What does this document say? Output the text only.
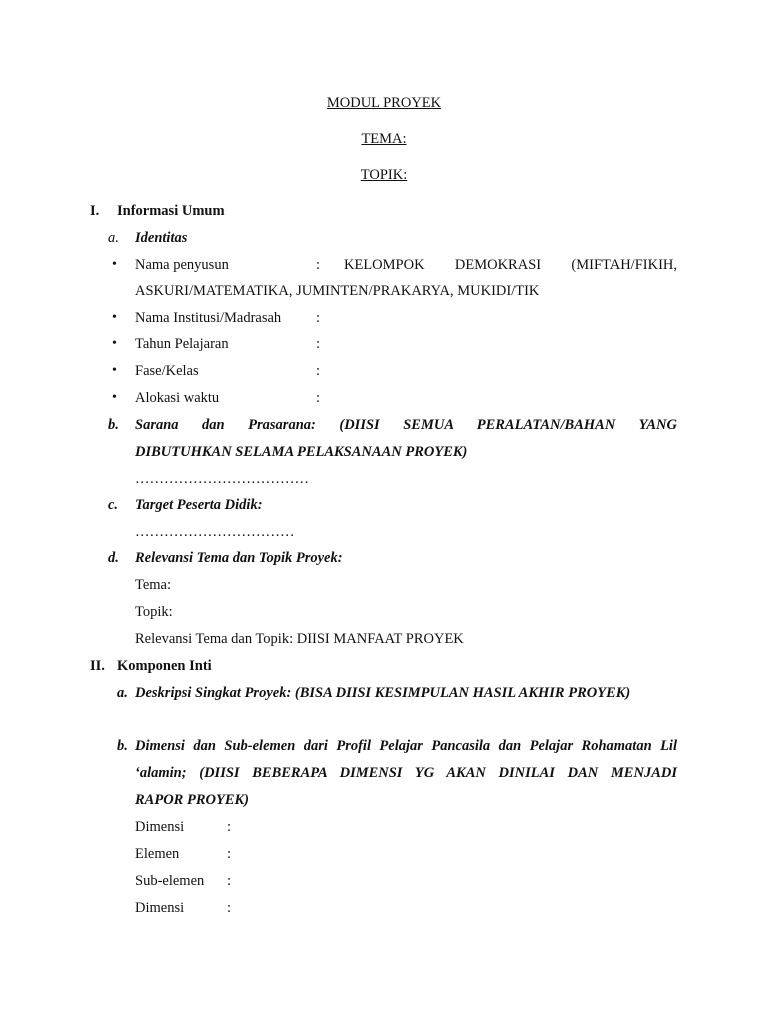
MODUL PROYEK
TEMA:
TOPIK:
I. Informasi Umum
a. Identitas
• Nama penyusun	: KELOMPOK DEMOKRASI (MIFTAH/FIKIH,
ASKURI/MATEMATIKA, JUMINTEN/PRAKARYA, MUKIDI/TIK
• Nama Institusi/Madrasah :
• Tahun Pelajaran	:
• Fase/Kelas	:
• Alokasi waktu	:
b. Sarana dan Prasarana: (DIISI SEMUA PERALATAN/BAHAN YANG
DIBUTUHKAN SELAMA PELAKSANAAN PROYEK)
………………………………
c. Target Peserta Didik:
……………………………
d. Relevansi Tema dan Topik Proyek:
Tema:
Topik:
Relevansi Tema dan Topik: DIISI MANFAAT PROYEK
II. Komponen Inti
a. Deskripsi Singkat Proyek: (BISA DIISI KESIMPULAN HASIL AKHIR PROYEK)
b. Dimensi dan Sub-elemen dari Profil Pelajar Pancasila dan Pelajar Rohamatan Lil
‘alamin; (DIISI BEBERAPA DIMENSI YG AKAN DINILAI DAN MENJADI
RAPOR PROYEK)
Dimensi	:
Elemen	:
Sub-elemen :
Dimensi	:
